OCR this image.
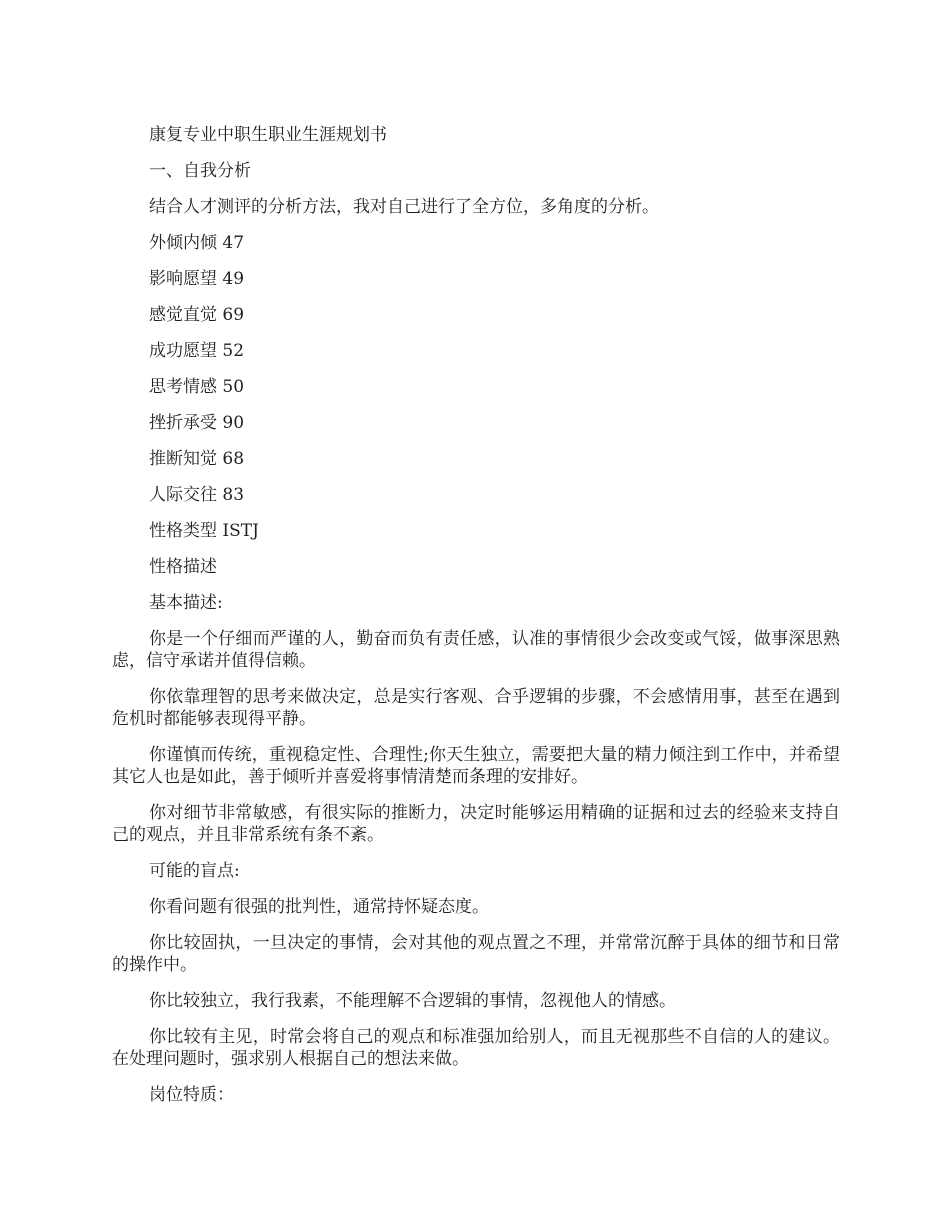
康复专业中职生职业生涯规划书

一、自我分析

结合人才测评的分析方法，我对自己进行了全方位，多角度的分析。

外倾内倾 47

影响愿望 49

感觉直觉 69

成功愿望 52

思考情感 50

挫折承受 90

推断知觉 68

人际交往 83

性格类型 ISTJ

性格描述

基本描述:

你是一个仔细而严谨的人，勤奋而负有责任感，认准的事情很少会改变或气馁，做事深思熟虑，信守承诺并值得信赖。

你依靠理智的思考来做决定，总是实行客观、合乎逻辑的步骤，不会感情用事，甚至在遇到危机时都能够表现得平静。

你谨慎而传统，重视稳定性、合理性;你天生独立，需要把大量的精力倾注到工作中，并希望其它人也是如此，善于倾听并喜爱将事情清楚而条理的安排好。

你对细节非常敏感，有很实际的推断力，决定时能够运用精确的证据和过去的经验来支持自己的观点，并且非常系统有条不紊。

可能的盲点:

你看问题有很强的批判性，通常持怀疑态度。

你比较固执，一旦决定的事情，会对其他的观点置之不理，并常常沉醉于具体的细节和日常的操作中。

你比较独立，我行我素，不能理解不合逻辑的事情，忽视他人的情感。

你比较有主见，时常会将自己的观点和标准强加给别人，而且无视那些不自信的人的建议。在处理问题时，强求别人根据自己的想法来做。

岗位特质：
